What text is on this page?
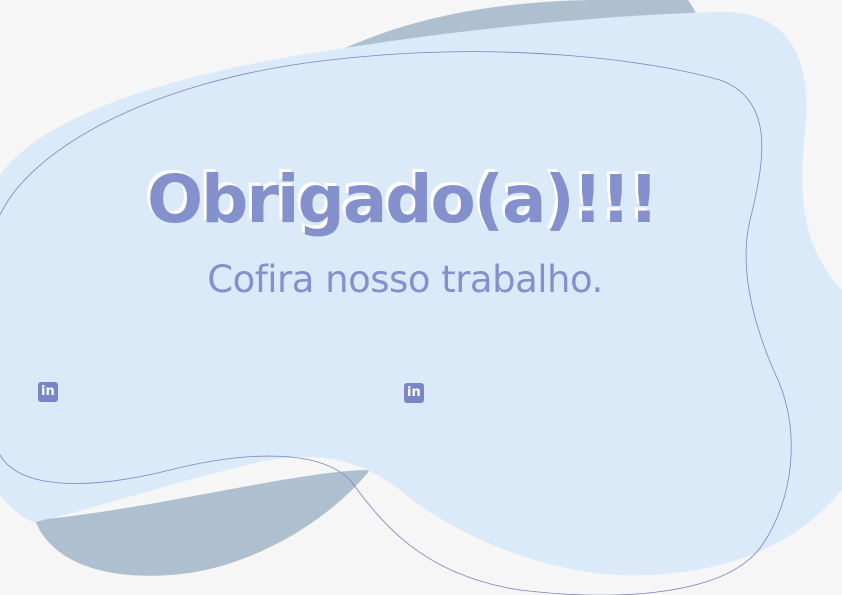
Obrigado(a)!!!

Cofira nosso trabalho.

in	in
